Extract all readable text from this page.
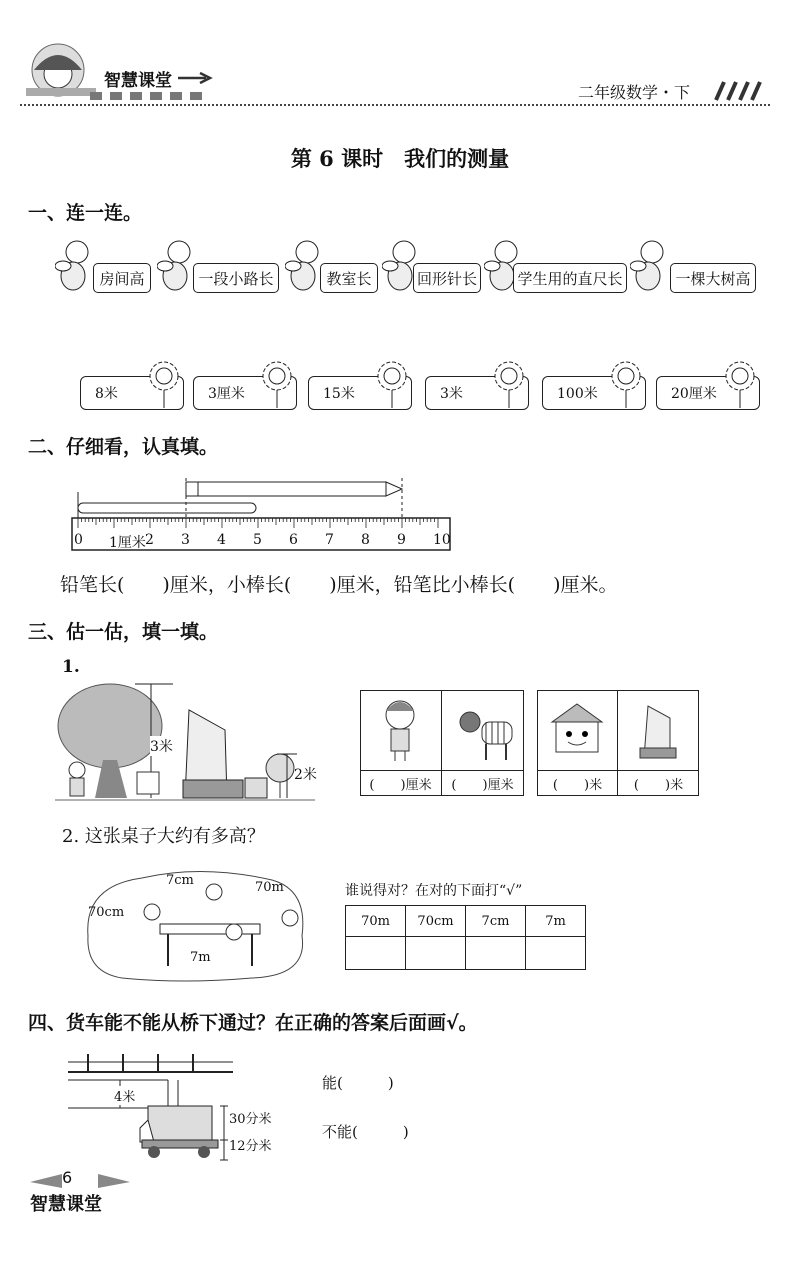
智慧课堂
二年级数学・下
第 6 课时　我们的测量
一、连一连。
房间高	一段小路长	教室长	回形针长	学生用的直尺长	一棵大树高
8米	3厘米	15米	3米	100米	20厘米
二、仔细看，认真填。
0 1厘米 2 3 4 5 6 7 8 9 10
铅笔长(　　)厘米，小棒长(　　)厘米，铅笔比小棒长(　　)厘米。
三、估一估，填一填。
1.
3米
2米
(　　)厘米	(　　)厘米	(　　)米	(　　)米
2. 这张桌子大约有多高？
7cm	70m
70cm
7m
谁说得对？在对的下面打“√”
70m	70cm	7cm	7m

四、货车能不能从桥下通过？在正确的答案后面画√。
4米
30分米
12分米
能(　　　)
不能(　　　)
6
智慧课堂
